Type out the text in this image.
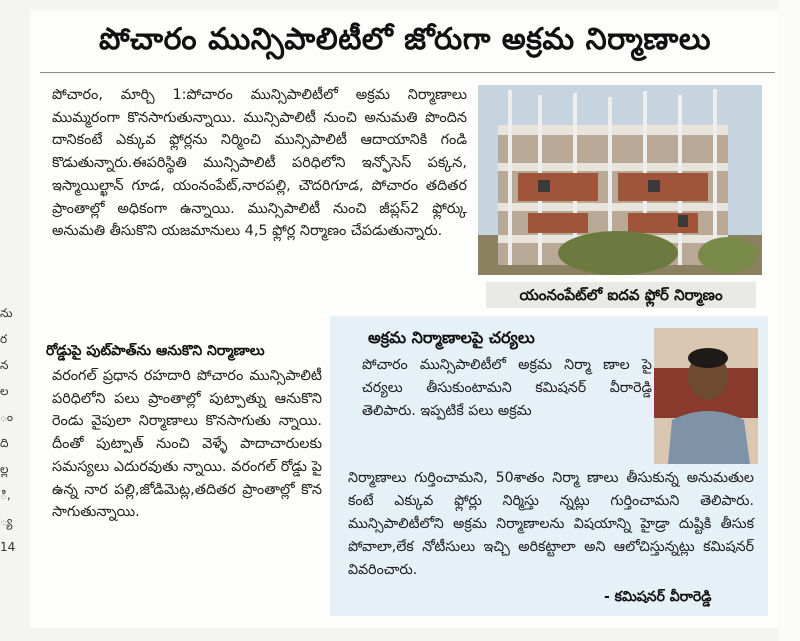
ను
ర
న
ల
ం
ది
ల్ల
ి,
్య
14
పోచారం మున్సిపాలిటీలో జోరుగా అక్రమ నిర్మాణాలు
పోచారం, మార్చి 1:పోచారం మున్సిపాలిటీలో అక్రమ నిర్మాణాలు ముమ్మరంగా కొనసాగుతున్నాయి. మున్సిపాలిటీ నుంచి అనుమతి పొందిన దానికంటే ఎక్కువ ఫ్లోర్లను నిర్మించి మున్సిపాలిటీ ఆదాయానికి గండి కొడుతున్నారు.ఈపరిస్థితి మున్సిపాలిటీ పరిధిలోని ఇన్ఫోసెస్ పక్కన, ఇస్మాయిల్ఖాన్ గూడ, యంనంపేట్,నారపల్లి, చౌదరిగూడ, పోచారం తదితర ప్రాంతాల్లో అధికంగా ఉన్నాయి. మున్సిపాలిటీ నుంచి జీప్లస్2 ఫ్లోర్కు అనుమతి తీసుకొని యజమానులు 4,5 ఫ్లోర్ల నిర్మాణం చేపడుతున్నారు.
యంనంపేట్‌లో ఐదవ ఫ్లోర్ నిర్మాణం
రోడ్డుపై పుట్‌పాత్‌ను ఆనుకొని నిర్మాణాలు
వరంగల్ ప్రధాన రహదారి పోచారం మున్సిపాలిటీ పరిధిలోని పలు ప్రాంతాల్లో పుట్పాత్ను ఆనుకొని రెండు వైపులా నిర్మాణాలు కొనసాగుతు న్నాయి. దీంతో పుట్పాత్ నుంచి వెళ్ళే పాదాచారులకు సమస్యలు ఎదురవుతు న్నాయి. వరంగల్ రోడ్డు పై ఉన్న నార పల్లి,జోడిమెట్ల,తదితర ప్రాంతాల్లో కొన సాగుతున్నాయి.
అక్రమ నిర్మాణాలపై చర్యలు
పోచారం మున్సిపాలిటీలో అక్రమ నిర్మా ణాల పై చర్యలు తీసుకుంటామని కమిషనర్ వీరారెడ్డి తెలిపారు. ఇప్పటికే పలు అక్రమ
నిర్మాణాలు గుర్తించామని, 50శాతం నిర్మా ణాలు తీసుకున్న అనుమతుల కంటే ఎక్కువ ఫ్లోర్లు నిర్మిస్తు న్నట్లు గుర్తించామని తెలిపారు. మున్సిపాలిటీలోని అక్రమ నిర్మాణాలను విషయాన్ని హైడ్రా దుష్టికి తీసుక పోవాలా,లేక నోటీసులు ఇచ్చి అరికట్టాలా అని ఆలోచిస్తున్నట్లు కమిషనర్ వివరించారు.
- కమిషనర్ వీరారెడ్డి
